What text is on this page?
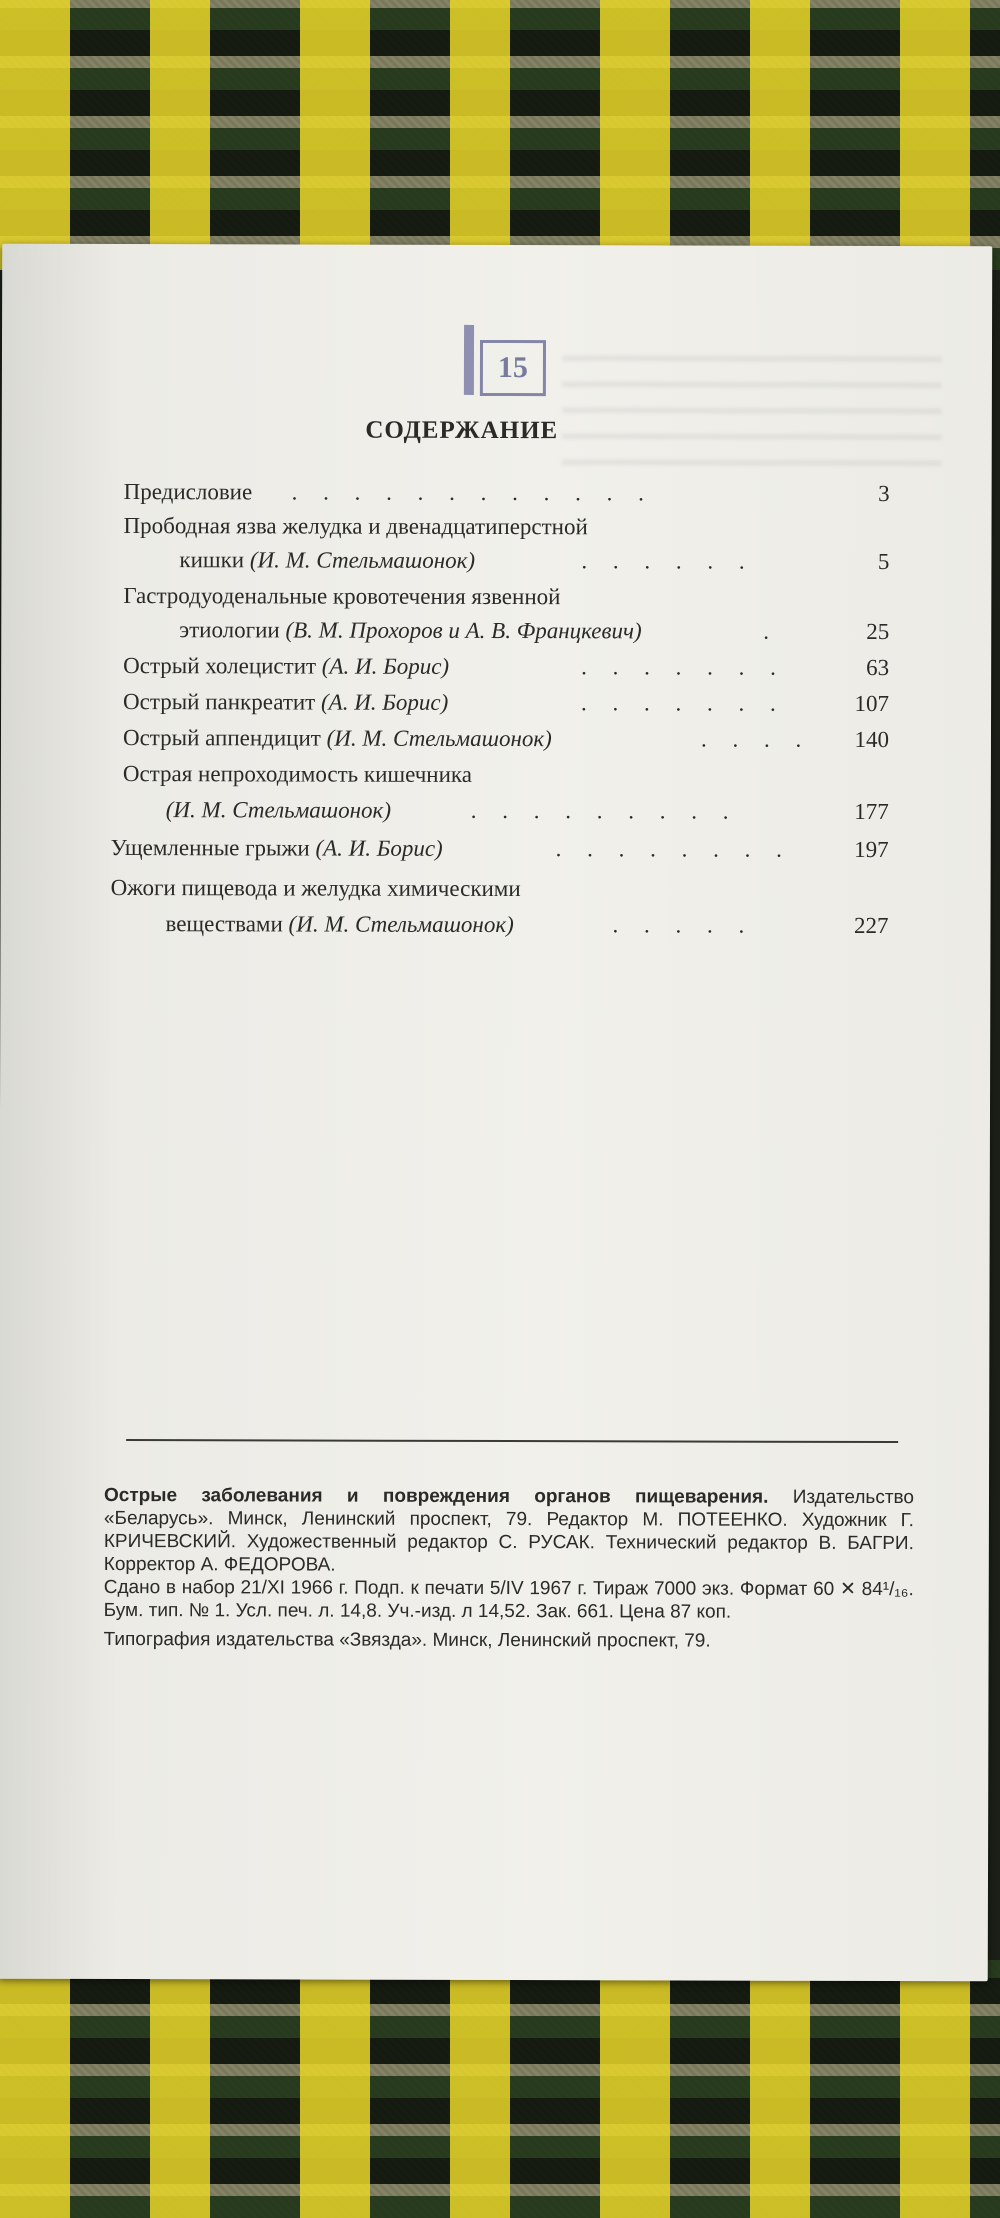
15
СОДЕРЖАНИЕ
Предисловие . . . . . . . . . . . .	3
Прободная язва желудка и двенадцатиперстной
кишки (И. М. Стельмашонок)	. . . . . .	5
Гастродуоденальные кровотечения язвенной
этиологии (В. М. Прохоров и А. В. Францкевич)	.	25
Острый холецистит (А. И. Борис)	. . . . . . .	63
Острый панкреатит (А. И. Борис)	. . . . . . .	107
Острый аппендицит (И. М. Стельмашонок)	. . . . 140
Острая непроходимость кишечника
(И. М. Стельмашонок)	. . . . . . . . .	177
Ущемленные грыжи (А. И. Борис)	. . . . . . . .	197
Ожоги пищевода и желудка химическими
веществами (И. М. Стельмашонок)	. . . . .	227

Острые заболевания и повреждения органов пищеварения. Издательство «Беларусь». Минск, Ленинский проспект, 79. Редактор М. ПОТЕЕНКО. Художник Г. КРИЧЕВСКИЙ. Художественный редактор С. РУСАК. Технический редактор В. БАГРИ. Корректор А. ФЕДОРОВА.

Сдано в набор 21/XI 1966 г. Подп. к печати 5/IV 1967 г. Тираж 7000 экз. Формат 60 ✕ 84¹/₁₆. Бум. тип. № 1. Усл. печ. л. 14,8. Уч.-изд. л 14,52. Зак. 661. Цена 87 коп.

Типография издательства «Звязда». Минск, Ленинский проспект, 79.
